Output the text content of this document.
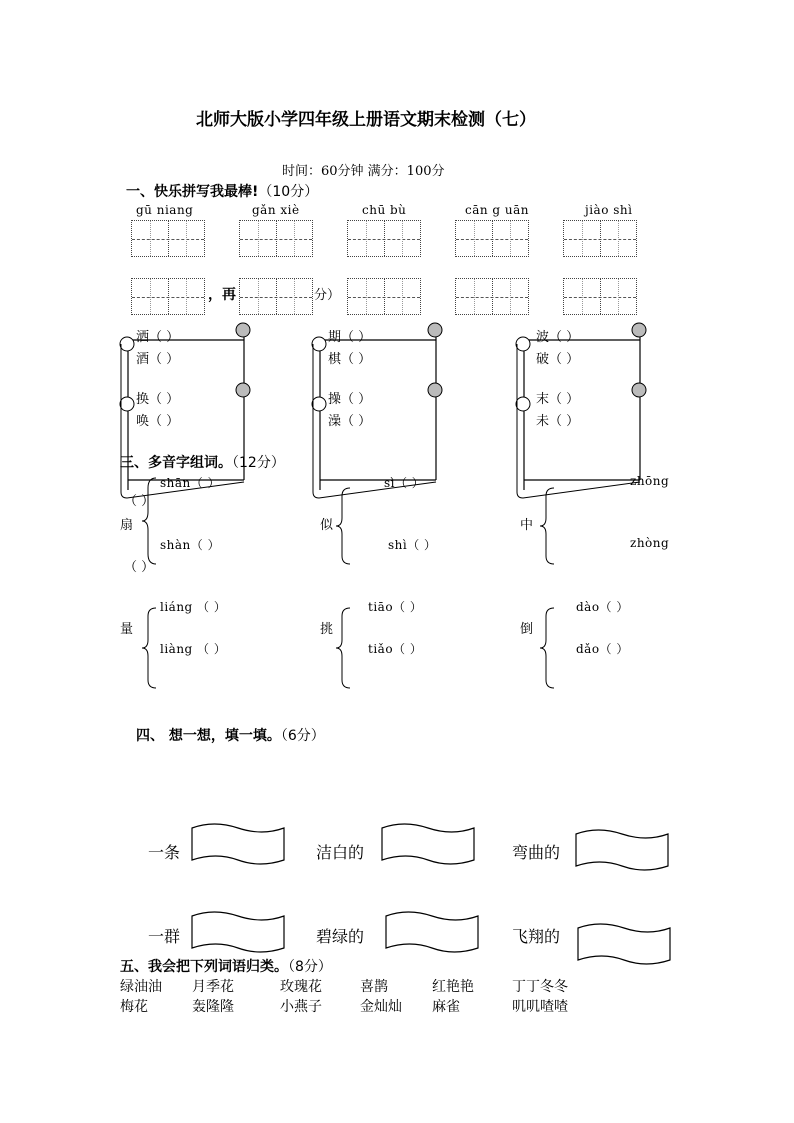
北师大版小学四年级上册语文期末检测（七）
时间：60分钟 满分：100分
一、快乐拼写我最棒!（10分）
gū niang	gǎn xiè	chū bù	cān g uān	jiào shì
，再	分）
洒（ ）
酒（ ）
换（ ）
唤（ ）
期（ ）
棋（ ）
操（ ）
澡（ ）
波（ ）
破（ ）
末（ ）
未（ ）
三、多音字组词。（12分）
shān（ ）
（ ）
扇
shàn（ ）
（ ）
sì（ ）
似
shì（ ）
zhōng
中
zhòng
liáng （ ）
量
liàng （ ）
tiāo（ ）
挑
tiǎo（ ）
dào（ ）
倒
dǎo（ ）
四、 想一想，填一填。（6分）
一条	洁白的	弯曲的
一群	碧绿的	飞翔的
五、我会把下列词语归类。（8分）
绿油油 月季花	玫瑰花	喜鹊	红艳艳	丁丁冬冬
梅花	轰隆隆	小燕子	金灿灿 麻雀	叽叽喳喳
